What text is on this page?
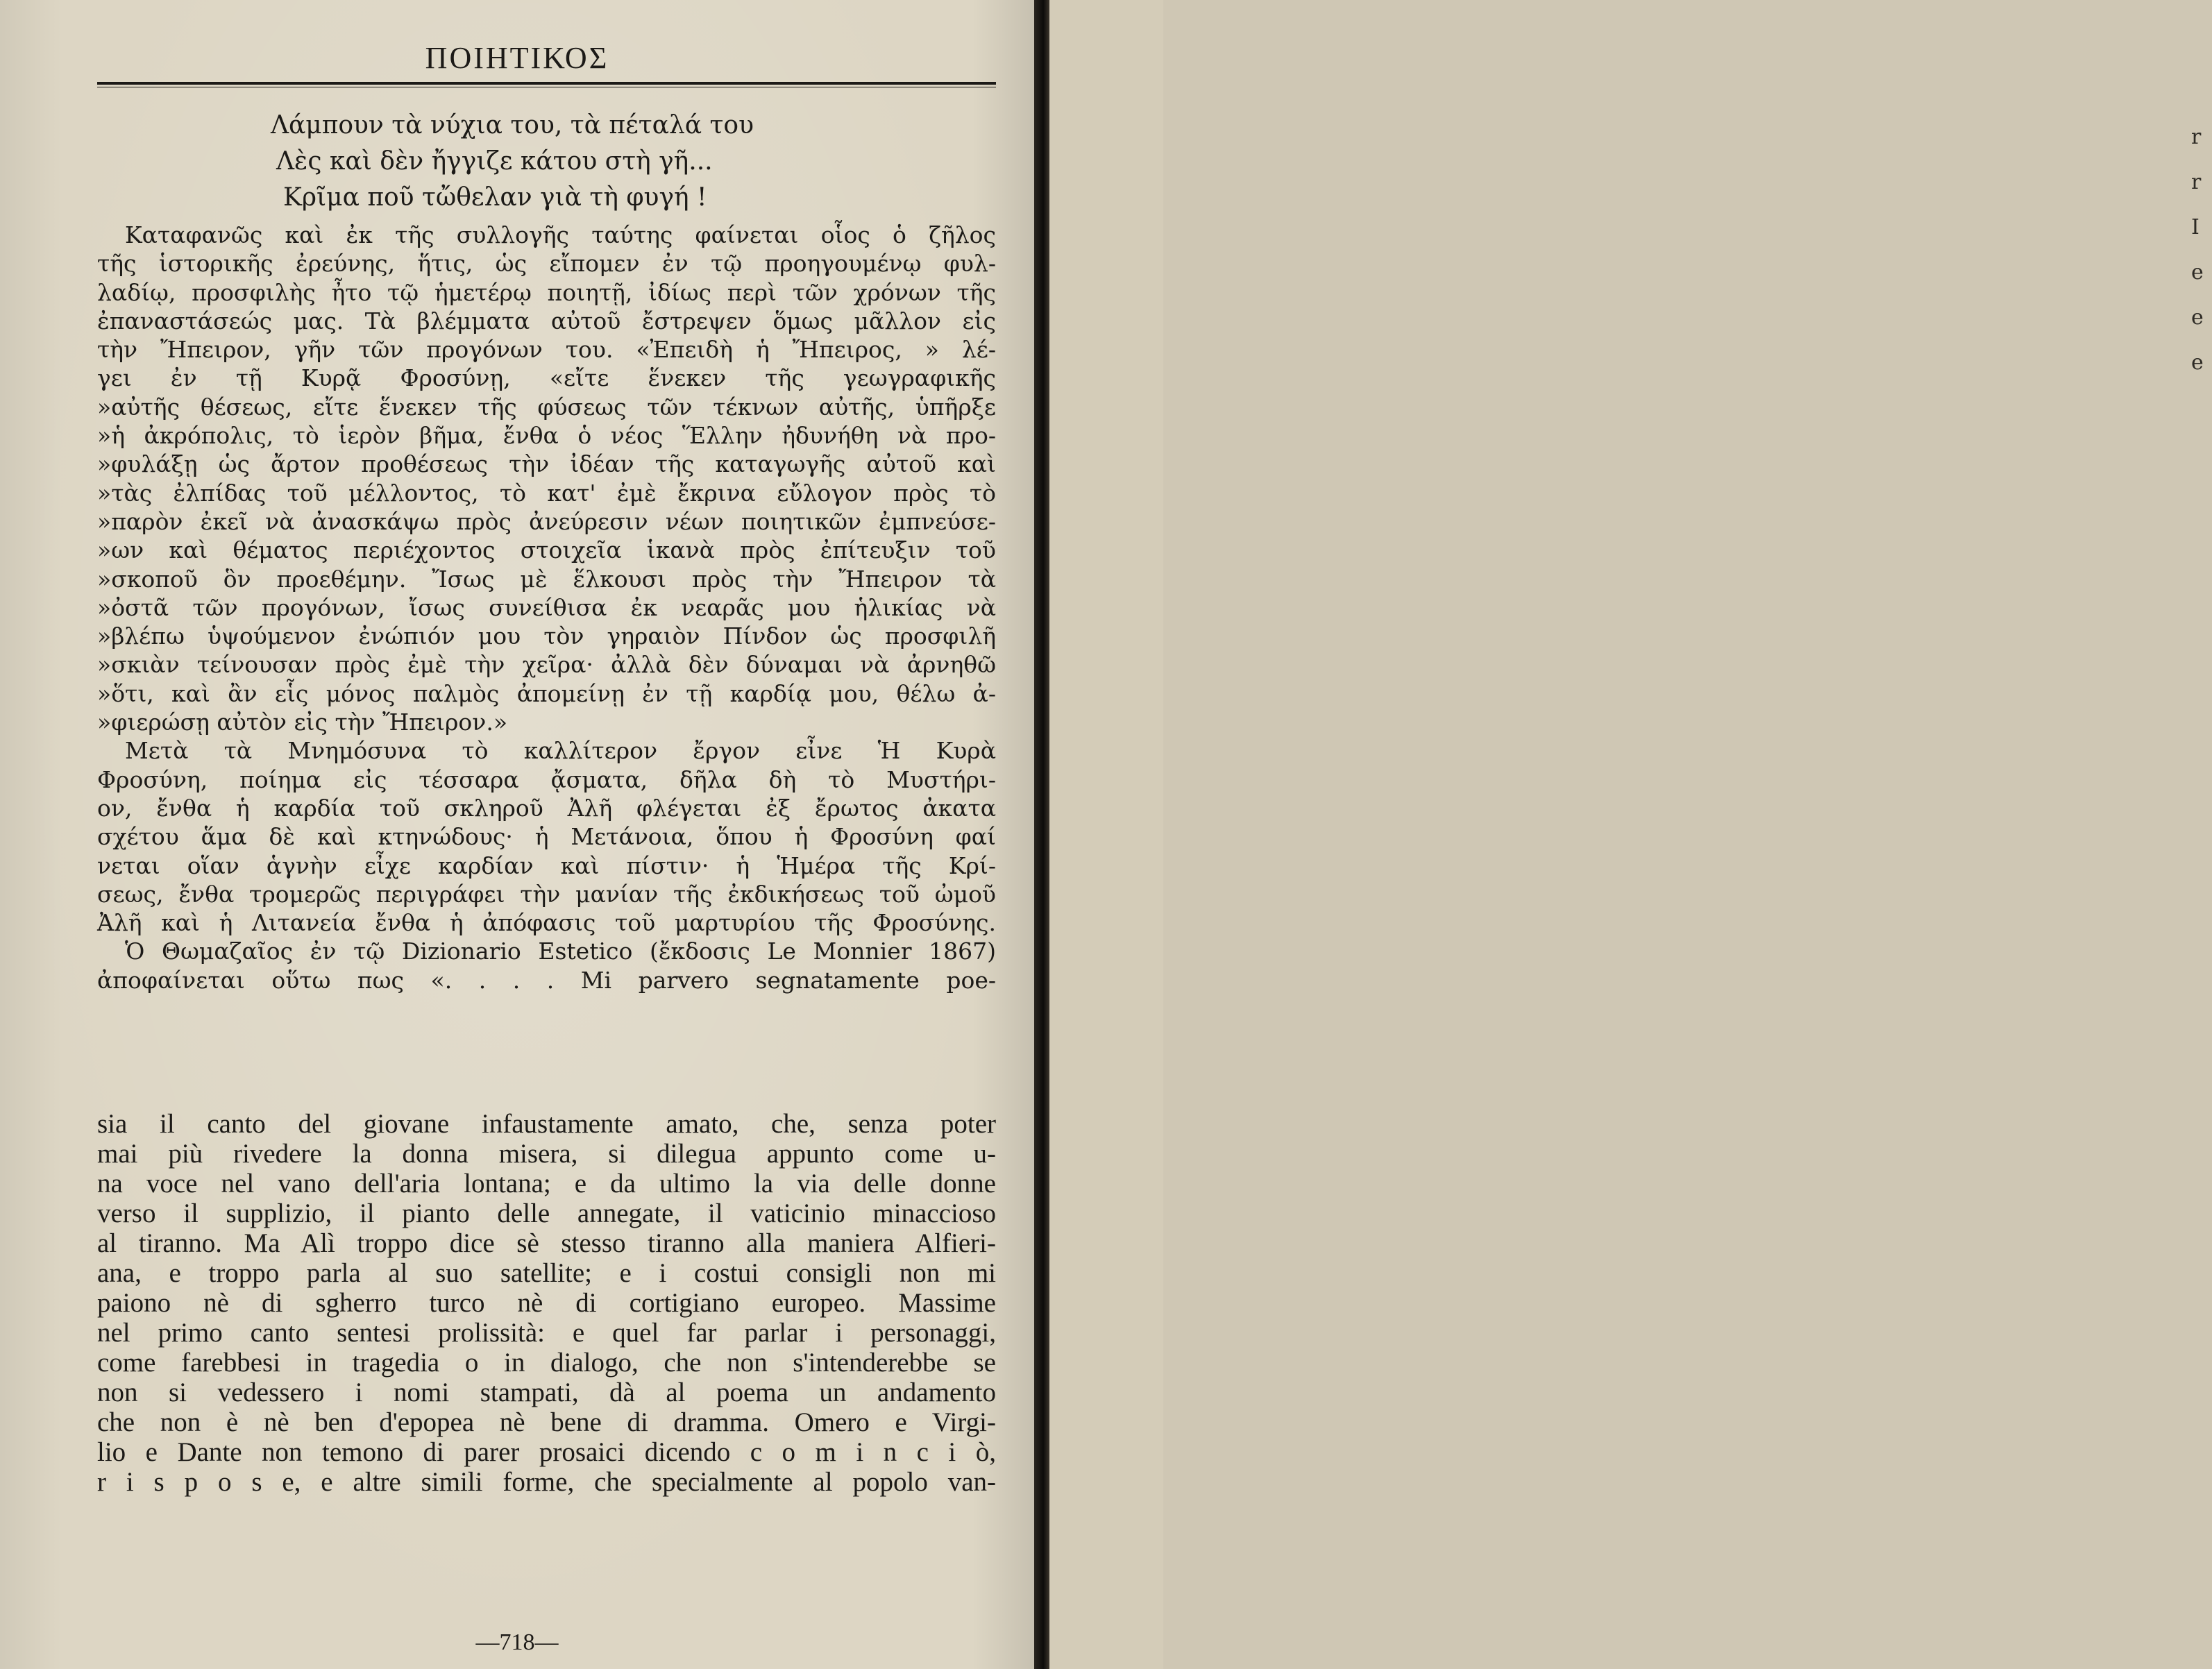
ΠΟΙΗΤΙΚΟΣ
Λάμπουν τὰ νύχια του, τὰ πέταλά του
Λὲς καὶ δὲν ἤγγιζε κάτου στὴ γῆ...
Κρῖμα ποῦ τὤθελαν γιὰ τὴ φυγή !
Καταφανῶς καὶ ἐκ τῆς συλλογῆς ταύτης φαίνεται οἷος ὁ ζῆλος
τῆς ἱστορικῆς ἐρεύνης, ἥτις, ὡς εἴπομεν ἐν τῷ προηγουμένῳ φυλ-
λαδίῳ, προσφιλὴς ἦτο τῷ ἡμετέρῳ ποιητῇ, ἰδίως περὶ τῶν χρόνων τῆς
ἐπαναστάσεώς μας. Τὰ βλέμματα αὐτοῦ ἔστρεψεν ὅμως μᾶλλον εἰς
τὴν Ἤπειρον, γῆν τῶν προγόνων του. «Ἐπειδὴ ἡ Ἤπειρος, » λέ-
γει ἐν τῇ Κυρᾷ Φροσύνῃ, «εἴτε ἕνεκεν τῆς γεωγραφικῆς
»αὐτῆς θέσεως, εἴτε ἕνεκεν τῆς φύσεως τῶν τέκνων αὐτῆς, ὑπῆρξε
»ἡ ἀκρόπολις, τὸ ἱερὸν βῆμα, ἔνθα ὁ νέος Ἕλλην ἠδυνήθη νὰ προ-
»φυλάξῃ ὡς ἄρτον προθέσεως τὴν ἰδέαν τῆς καταγωγῆς αὐτοῦ καὶ
»τὰς ἐλπίδας τοῦ μέλλοντος, τὸ κατ' ἐμὲ ἔκρινα εὔλογον πρὸς τὸ
»παρὸν ἐκεῖ νὰ ἀνασκάψω πρὸς ἀνεύρεσιν νέων ποιητικῶν ἐμπνεύσε-
»ων καὶ θέματος περιέχοντος στοιχεῖα ἱκανὰ πρὸς ἐπίτευξιν τοῦ
»σκοποῦ ὃν προεθέμην. Ἴσως μὲ ἕλκουσι πρὸς τὴν Ἤπειρον τὰ
»ὀστᾶ τῶν προγόνων, ἴσως συνείθισα ἐκ νεαρᾶς μου ἡλικίας νὰ
»βλέπω ὑψούμενον ἐνώπιόν μου τὸν γηραιὸν Πίνδον ὡς προσφιλῆ
»σκιὰν τείνουσαν πρὸς ἐμὲ τὴν χεῖρα· ἀλλὰ δὲν δύναμαι νὰ ἀρνηθῶ
»ὅτι, καὶ ἂν εἷς μόνος παλμὸς ἀπομείνῃ ἐν τῇ καρδίᾳ μου, θέλω ἀ-
»φιερώσῃ αὐτὸν εἰς τὴν Ἤπειρον.»
Μετὰ τὰ Μνημόσυνα τὸ καλλίτερον ἔργον εἶνε Ἡ Κυρὰ
Φροσύνη, ποίημα εἰς τέσσαρα ᾄσματα, δῆλα δὴ τὸ Μυστήρι-
ον, ἔνθα ἡ καρδία τοῦ σκληροῦ Ἀλῆ φλέγεται ἐξ ἔρωτος ἀκατα
σχέτου ἅμα δὲ καὶ κτηνώδους· ἡ Μετάνοια, ὅπου ἡ Φροσύνη φαί
νεται οἵαν ἁγνὴν εἶχε καρδίαν καὶ πίστιν· ἡ Ἡμέρα τῆς Κρί-
σεως, ἔνθα τρομερῶς περιγράφει τὴν μανίαν τῆς ἐκδικήσεως τοῦ ὠμοῦ
Ἀλῆ καὶ ἡ Λιτανεία ἔνθα ἡ ἀπόφασις τοῦ μαρτυρίου τῆς Φροσύνης.
Ὁ Θωμαζαῖος ἐν τῷ Dizionario Estetico (ἔκδοσις Le Monnier 1867)
ἀποφαίνεται οὕτω πως «. . . . Mi parvero segnatamente poe-
sia il canto del giovane infaustamente amato, che, senza poter
mai più rivedere la donna misera, si dilegua appunto come u-
na voce nel vano dell'aria lontana; e da ultimo la via delle donne
verso il supplizio, il pianto delle annegate, il vaticinio minaccioso
al tiranno. Ma Alì troppo dice sè stesso tiranno alla maniera Alfieri-
ana, e troppo parla al suo satellite; e i costui consigli non mi
paiono nè di sgherro turco nè di cortigiano europeo. Massime
nel primo canto sentesi prolissità: e quel far parlar i personaggi,
come farebbesi in tragedia o in dialogo, che non s'intenderebbe se
non si vedessero i nomi stampati, dà al poema un andamento
che non è nè ben d'epopea nè bene di dramma. Omero e Virgi-
lio e Dante non temono di parer prosaici dicendo c o m i n c i ò,
r i s p o s e, e altre simili forme, che specialmente al popolo van-
—718—
r
r
I
e
e
e
